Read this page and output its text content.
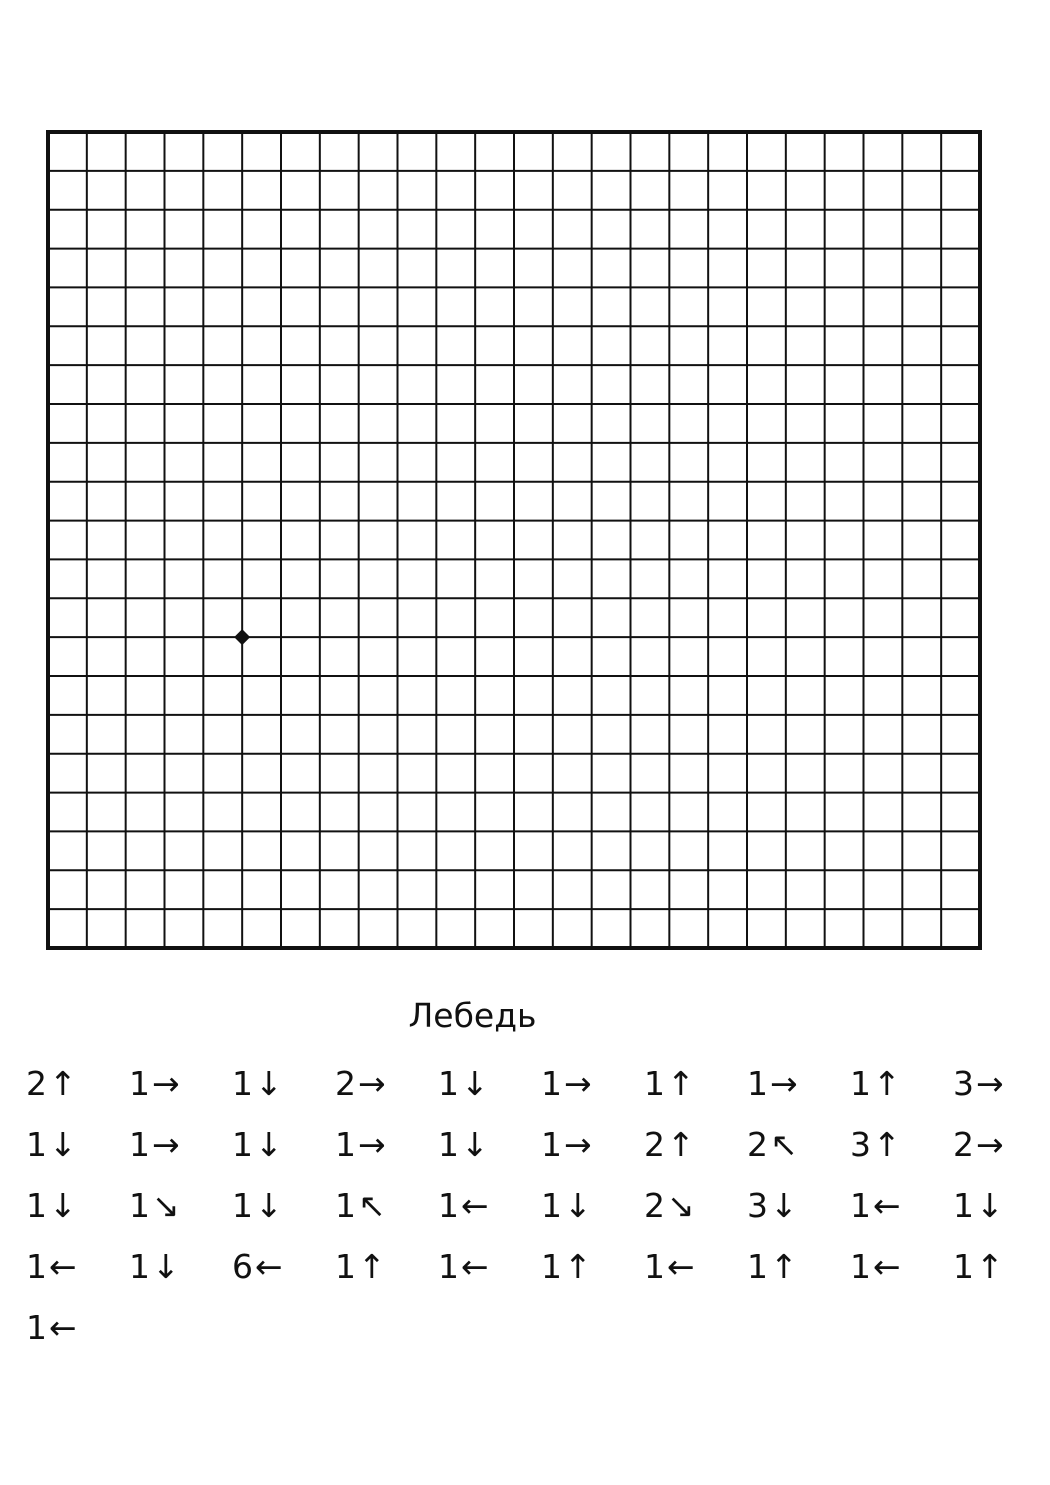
Лебедь
2↑	1→	1↓	2→	1↓	1→	1↑	1→	1↑	3→
1↓	1→	1↓	1→	1↓	1→	2↑	2↖	3↑	2→
1↓	1↘	1↓	1↖	1←	1↓	2↘	3↓	1←	1↓
1←	1↓	6←	1↑	1←	1↑	1←	1↑	1←	1↑
1←
